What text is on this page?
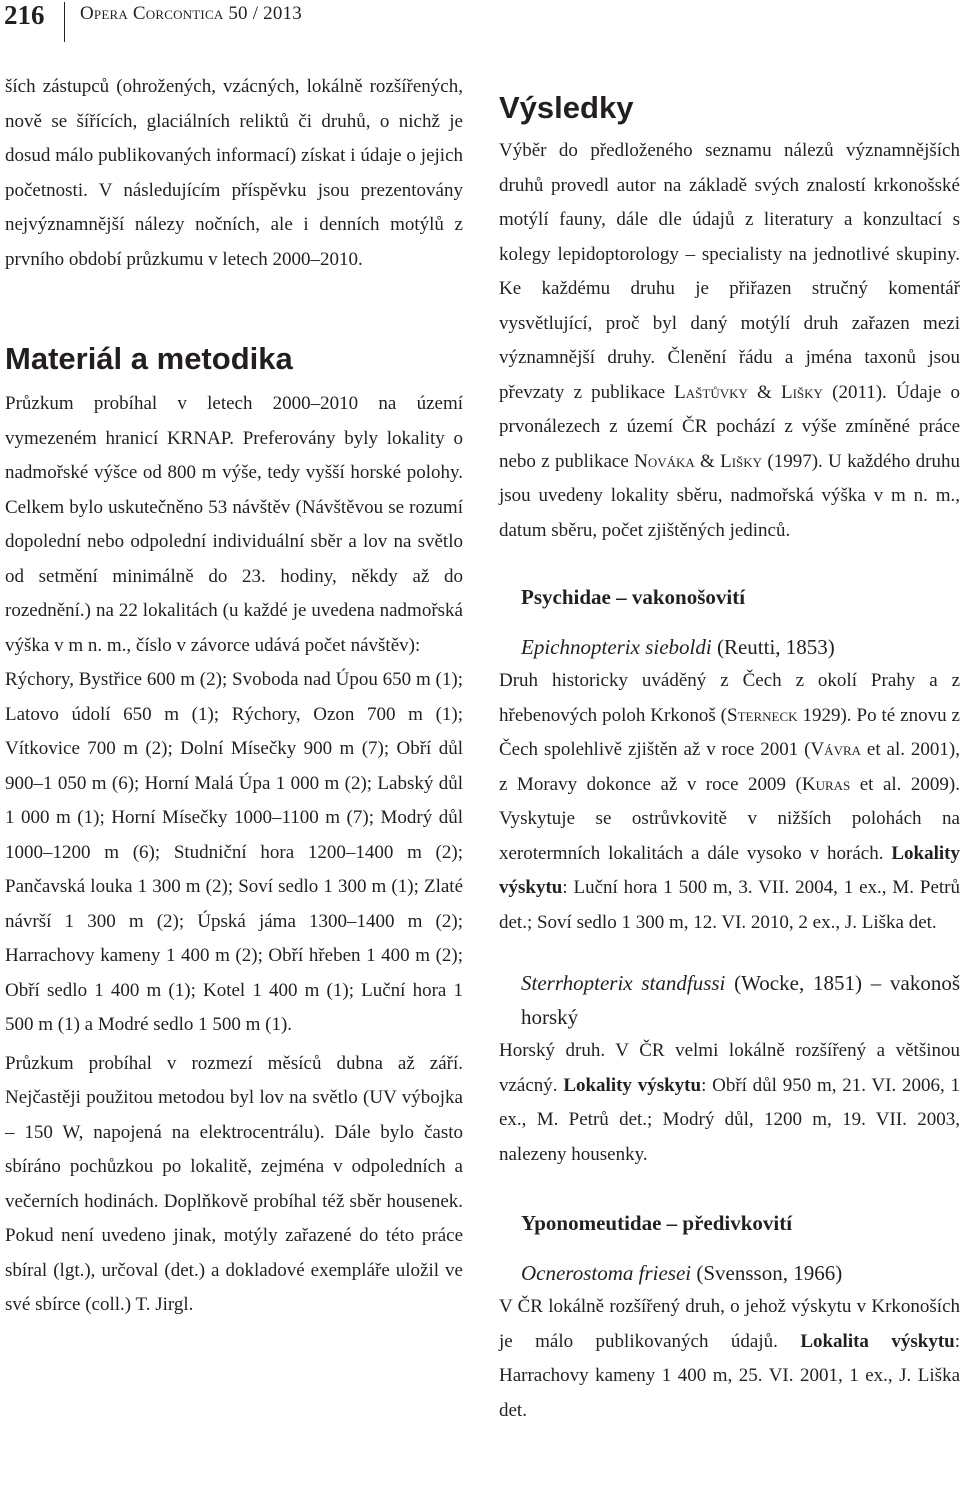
216 Opera Corcontica 50 / 2013

ších zástupců (ohrožených, vzácných, lokálně rozšířených, nově se šířících, glaciálních reliktů či druhů, o nichž je dosud málo publikovaných informací) získat i údaje o jejich početnosti. V následujícím příspěvku jsou prezentovány nejvýznamnější nálezy nočních, ale i denních motýlů z prvního období průzkumu v letech 2000–2010.

Materiál a metodika

Průzkum probíhal v letech 2000–2010 na území vymezeném hranicí KRNAP. Preferovány byly lokality o nadmořské výšce od 800 m výše, tedy vyšší horské polohy. Celkem bylo uskutečněno 53 návštěv (Návštěvou se rozumí dopolední nebo odpolední individuální sběr a lov na světlo od setmění minimálně do 23. hodiny, někdy až do rozednění.) na 22 lokalitách (u každé je uvedena nadmořská výška v m n. m., číslo v závorce udává počet návštěv):

Rýchory, Bystřice 600 m (2); Svoboda nad Úpou 650 m (1); Latovo údolí 650 m (1); Rýchory, Ozon 700 m (1); Vítkovice 700 m (2); Dolní Mísečky 900 m (7); Obří důl 900–1 050 m (6); Horní Malá Úpa 1 000 m (2); Labský důl 1 000 m (1); Horní Mísečky 1000–1100 m (7); Modrý důl 1000–1200 m (6); Studniční hora 1200–1400 m (2); Pančavská louka 1 300 m (2); Soví sedlo 1 300 m (1); Zlaté návrší 1 300 m (2); Úpská jáma 1300–1400 m (2); Harrachovy kameny 1 400 m (2); Obří hřeben 1 400 m (2); Obří sedlo 1 400 m (1); Kotel 1 400 m (1); Luční hora 1 500 m (1) a Modré sedlo 1 500 m (1).

Průzkum probíhal v rozmezí měsíců dubna až září. Nejčastěji použitou metodou byl lov na světlo (UV výbojka – 150 W, napojená na elektrocentrálu). Dále bylo často sbíráno pochůzkou po lokalitě, zejména v odpoledních a večerních hodinách. Doplňkově probíhal též sběr housenek. Pokud není uvedeno jinak, motýly zařazené do této práce sbíral (lgt.), určoval (det.) a dokladové exempláře uložil ve své sbírce (coll.) T. Jirgl.

Výsledky

Výběr do předloženého seznamu nálezů významnějších druhů provedl autor na základě svých znalostí krkonošské motýlí fauny, dále dle údajů z literatury a konzultací s kolegy lepidoptorology – specialisty na jednotlivé skupiny. Ke každému druhu je přiřazen stručný komentář vysvětlující, proč byl daný motýlí druh zařazen mezi významnější druhy. Členění řádu a jména taxonů jsou převzaty z publikace Laštůvky & Lišky (2011). Údaje o prvonálezech z území ČR pochází z výše zmíněné práce nebo z publikace Nováka & Lišky (1997). U každého druhu jsou uvedeny lokality sběru, nadmořská výška v m n. m., datum sběru, počet zjištěných jedinců.

Psychidae – vakonošovití

Epichnopterix sieboldi (Reutti, 1853)

Druh historicky uváděný z Čech z okolí Prahy a z hřebenových poloh Krkonoš (Sterneck 1929). Po té znovu z Čech spolehlivě zjištěn až v roce 2001 (Vávra et al. 2001), z Moravy dokonce až v roce 2009 (Kuras et al. 2009). Vyskytuje se ostrůvkovitě v nižších polohách na xerotermních lokalitách a dále vysoko v horách. Lokality výskytu: Luční hora 1 500 m, 3. VII. 2004, 1 ex., M. Petrů det.; Soví sedlo 1 300 m, 12. VI. 2010, 2 ex., J. Liška det.

Sterrhopterix standfussi (Wocke, 1851) – vakonoš horský

Horský druh. V ČR velmi lokálně rozšířený a většinou vzácný. Lokality výskytu: Obří důl 950 m, 21. VI. 2006, 1 ex., M. Petrů det.; Modrý důl, 1200 m, 19. VII. 2003, nalezeny housenky.

Yponomeutidae – předivkovití

Ocnerostoma friesei (Svensson, 1966)

V ČR lokálně rozšířený druh, o jehož výskytu v Krkonoších je málo publikovaných údajů. Lokalita výskytu: Harrachovy kameny 1 400 m, 25. VI. 2001, 1 ex., J. Liška det.
